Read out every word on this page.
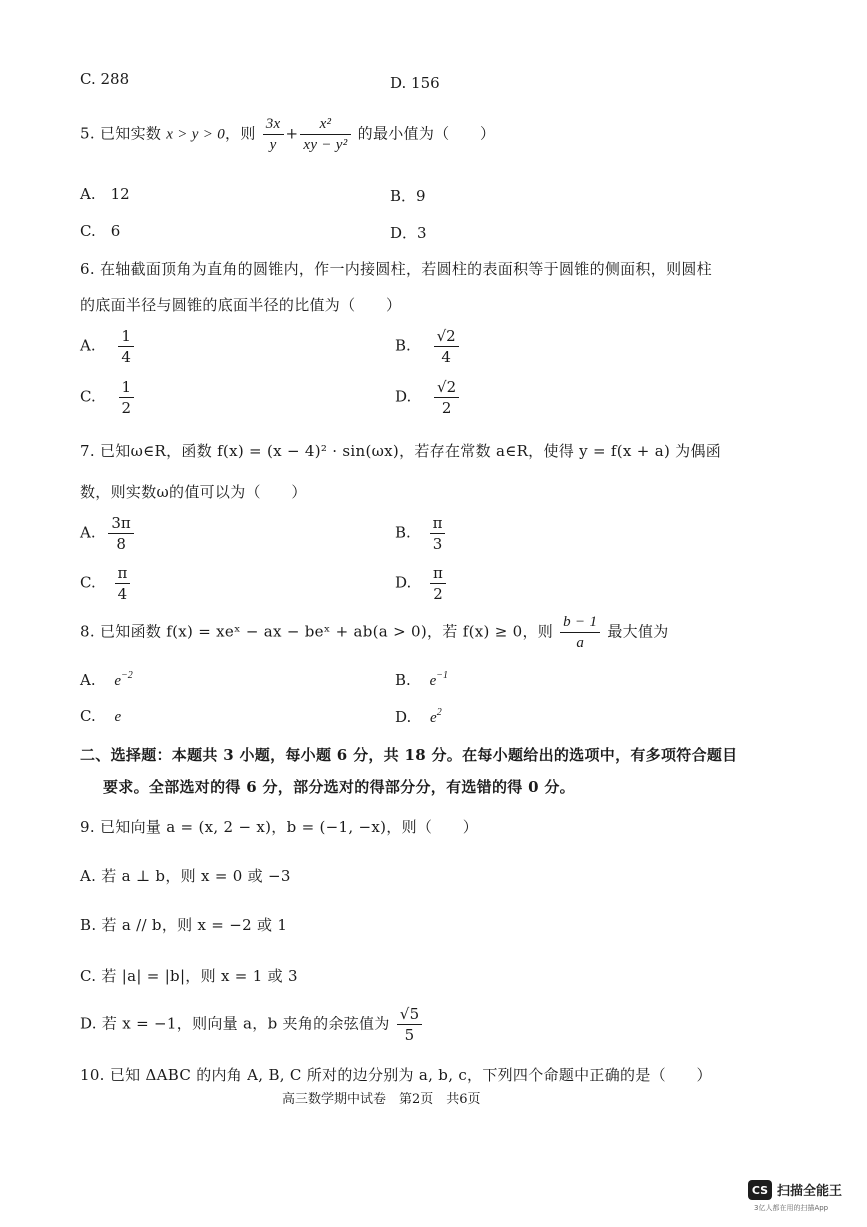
C. 288	D. 156
5. 已知实数 x > y > 0，则 $\frac{3x}{y} + \frac{\text{x²}}{\text{xy − y²}}$ 的最小值为（　　）
A.　12	B．9
C.　6	D．3
6. 在轴截面顶角为直角的圆锥内，作一内接圆柱，若圆柱的表面积等于圆锥的侧面积，则圆柱
的底面半径与圆锥的底面半径的比值为（　　）
A. $\frac{1}{4}$	B. $\frac{√2}{4}$
C. $\frac{1}{2}$	D. $\frac{√2}{2}$
7. 已知ω∈R，函数 f(x) = (x − 4)² · sin(ωx)，若存在常数 a∈R，使得 y = f(x + a) 为偶函
数，则实数ω的值可以为（　　）
A. $\frac{3\pi}{8}$	B. $\frac{\pi}{3}$
C. $\frac{\pi}{4}$	D. $\frac{\pi}{2}$
8. 已知函数 f(x) = xeˣ − ax − beˣ + ab(a > 0)，若 f(x) ≥ 0，则 $\frac{b - 1}{a}$ 最大值为
A. $e^{-2}$	B. $e^{-1}$
C. e	D. $e^2$
二、选择题：本题共 3 小题，每小题 6 分，共 18 分。在每小题给出的选项中，有多项符合题目
要求。全部选对的得 6 分，部分选对的得部分分，有选错的得 0 分。
9. 已知向量 a = (x, 2 − x)，b = (−1, −x)，则（　　）
A. 若 a ⊥ b，则 x = 0 或 −3
B. 若 a // b，则 x = −2 或 1
C. 若 |a| = |b|，则 x = 1 或 3
D. 若 x = −1，则向量 a，b 夹角的余弦值为 $\frac{√5}{5}$
10. 已知 ΔABC 的内角 A, B, C 所对的边分别为 a, b, c，下列四个命题中正确的是（　　）
高三数学期中试卷　第2页　共6页
CS 扫描全能王
3亿人都在用的扫描App
